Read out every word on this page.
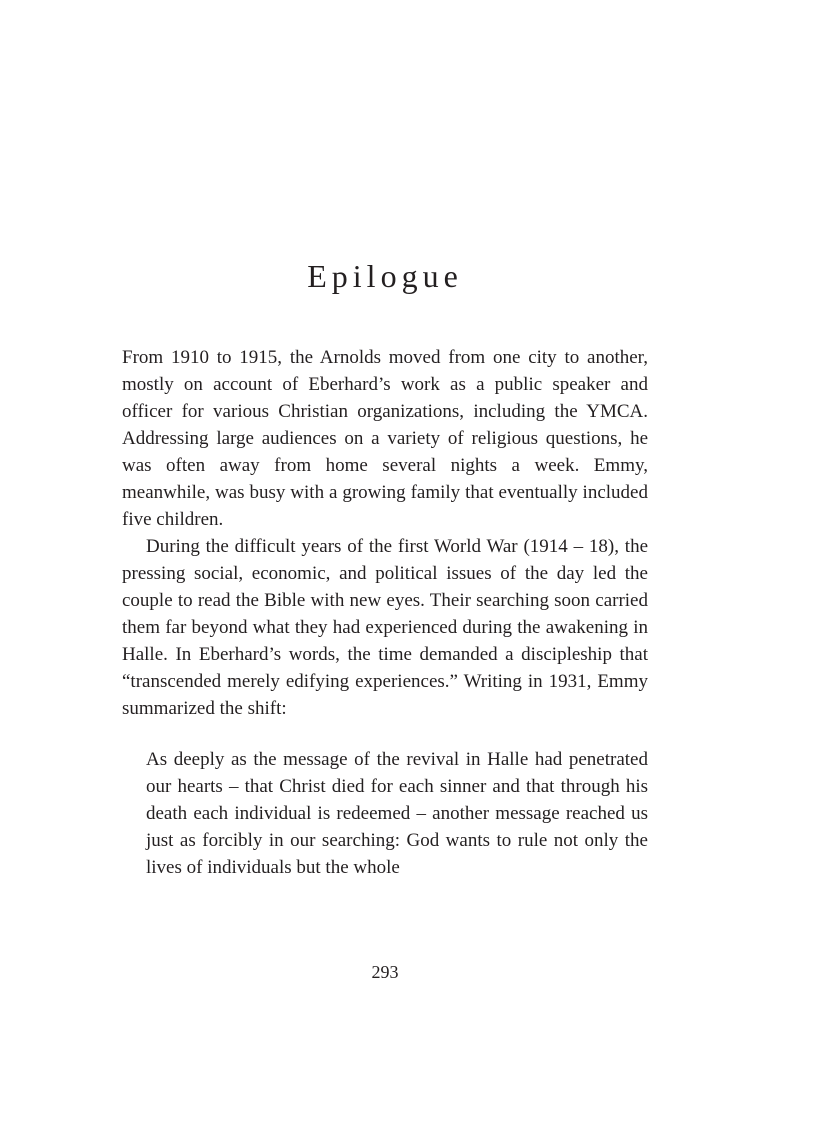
Epilogue

From 1910 to 1915, the Arnolds moved from one city to another, mostly on account of Eberhard’s work as a public speaker and officer for various Christian organizations, including the YMCA. Addressing large audiences on a variety of religious questions, he was often away from home several nights a week. Emmy, meanwhile, was busy with a growing family that eventually included five children.

During the difficult years of the first World War (1914 – 18), the pressing social, economic, and political issues of the day led the couple to read the Bible with new eyes. Their searching soon carried them far beyond what they had experienced during the awakening in Halle. In Eberhard’s words, the time demanded a discipleship that “transcended merely edifying experiences.” Writing in 1931, Emmy summarized the shift:

As deeply as the message of the revival in Halle had penetrated our hearts – that Christ died for each sinner and that through his death each individual is redeemed – another message reached us just as forcibly in our searching: God wants to rule not only the lives of individuals but the whole

293
